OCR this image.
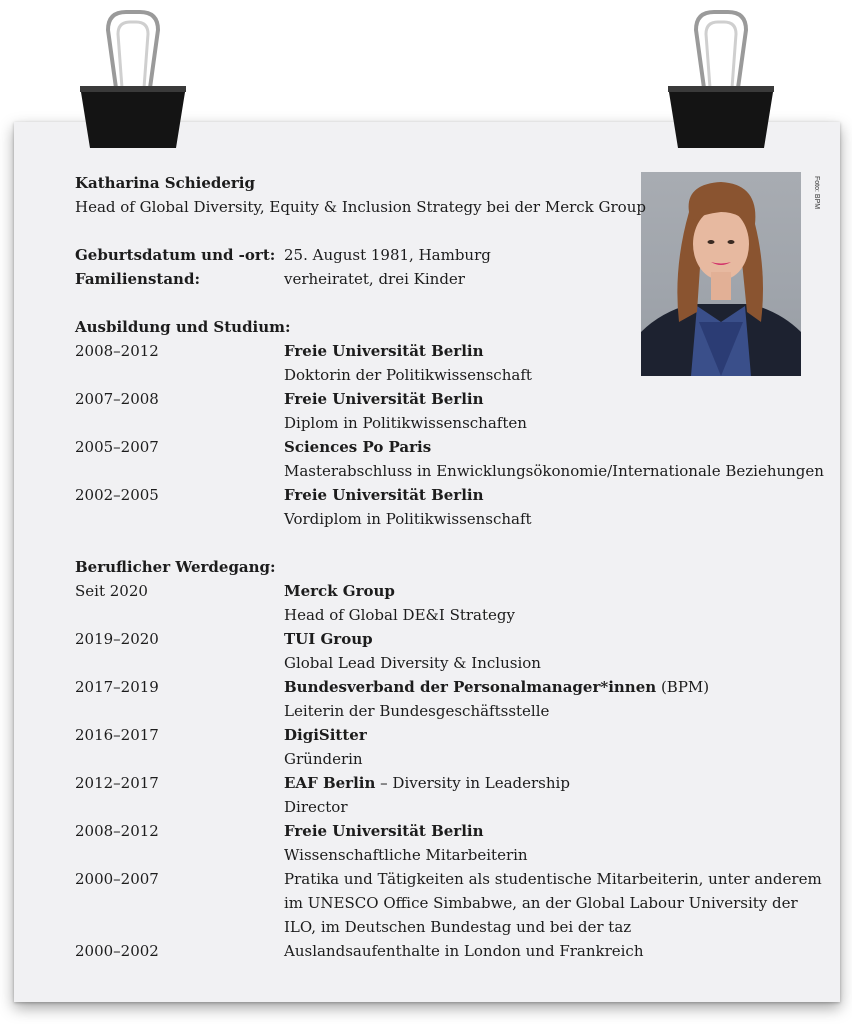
Foto: BPM
Katharina Schiederig
Head of Global Diversity, Equity & Inclusion Strategy bei der Merck Group
Geburtsdatum und -ort: 25. August 1981, Hamburg
Familienstand:	verheiratet, drei Kinder
Ausbildung und Studium:
2008–2012	Freie Universität Berlin
Doktorin der Politikwissenschaft
2007–2008	Freie Universität Berlin
Diplom in Politikwissenschaften
2005–2007	Sciences Po Paris
Masterabschluss in Enwicklungsökonomie/Internationale Beziehungen
2002–2005	Freie Universität Berlin
Vordiplom in Politikwissenschaft
Beruflicher Werdegang:
Seit 2020	Merck Group
Head of Global DE&I Strategy
2019–2020	TUI Group
Global Lead Diversity & Inclusion
2017–2019	Bundesverband der Personalmanager*innen (BPM)
Leiterin der Bundesgeschäftsstelle
2016–2017	DigiSitter
Gründerin
2012–2017	EAF Berlin – Diversity in Leadership
Director
2008–2012	Freie Universität Berlin
Wissenschaftliche Mitarbeiterin
2000–2007	Pratika und Tätigkeiten als studentische Mitarbeiterin, unter anderem
im UNESCO Office Simbabwe, an der Global Labour University der
ILO, im Deutschen Bundestag und bei der taz
2000–2002	Auslandsaufenthalte in London und Frankreich
